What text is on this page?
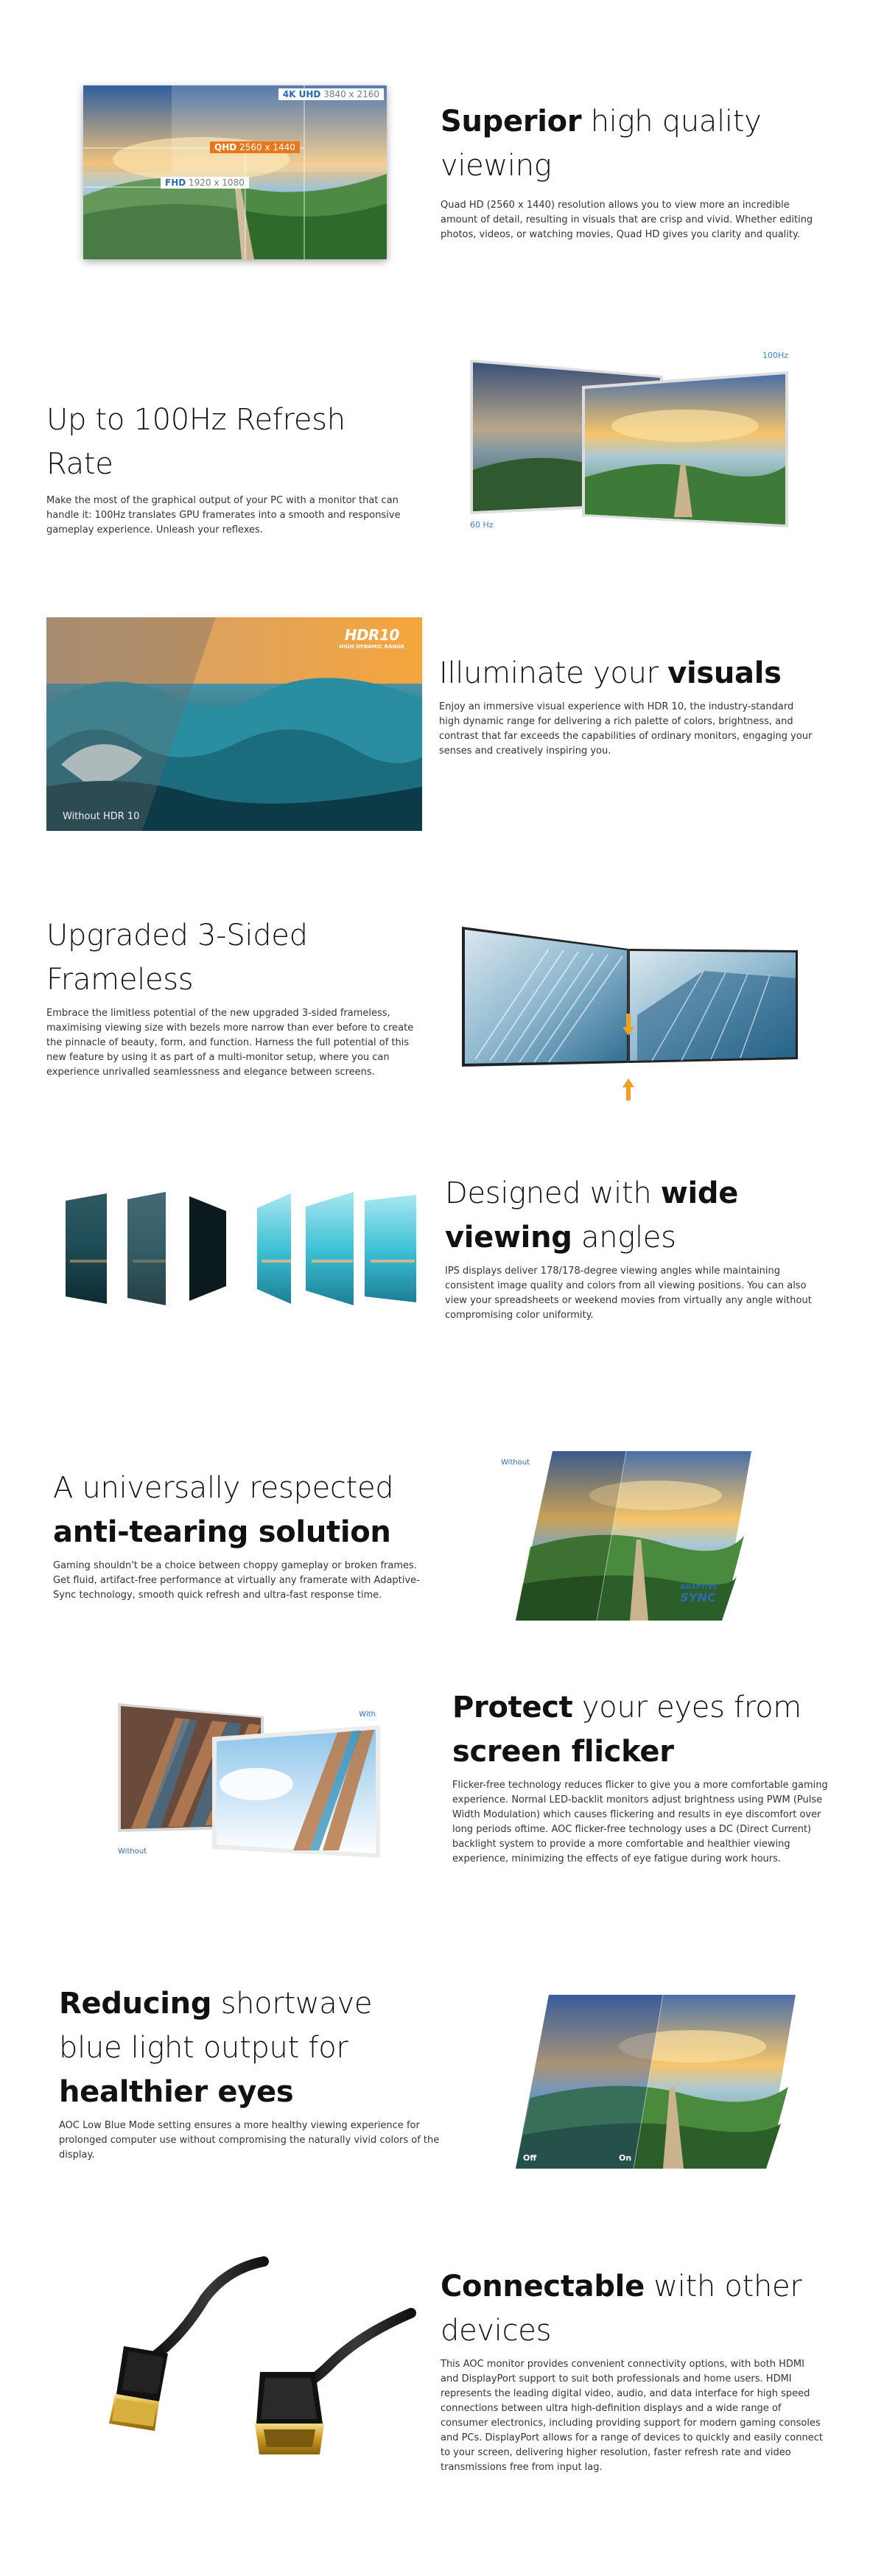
4K UHD 3840 x 2160
QHD 2560 x 1440
FHD 1920 x 1080
Superior high quality viewing

Quad HD (2560 x 1440) resolution allows you to view more an incredible amount of detail, resulting in visuals that are crisp and vivid. Whether editing photos, videos, or watching movies, Quad HD gives you clarity and quality.

Up to 100Hz Refresh Rate

Make the most of the graphical output of your PC with a monitor that can handle it: 100Hz translates GPU framerates into a smooth and responsive gameplay experience. Unleash your reflexes.

100Hz
60 Hz
HDR10
HIGH DYNAMIC RANGE
Without HDR 10
Illuminate your visuals

Enjoy an immersive visual experience with HDR 10, the industry-standard high dynamic range for delivering a rich palette of colors, brightness, and contrast that far exceeds the capabilities of ordinary monitors, engaging your senses and creatively inspiring you.

Upgraded 3-Sided Frameless

Embrace the limitless potential of the new upgraded 3-sided frameless, maximising viewing size with bezels more narrow than ever before to create the pinnacle of beauty, form, and function. Harness the full potential of this new feature by using it as part of a multi-monitor setup, where you can experience unrivalled seamlessness and elegance between screens.

Designed with wide viewing angles

IPS displays deliver 178/178-degree viewing angles while maintaining consistent image quality and colors from all viewing positions. You can also view your spreadsheets or weekend movies from virtually any angle without compromising color uniformity.

A universally respected anti-tearing solution

Gaming shouldn't be a choice between choppy gameplay or broken frames. Get fluid, artifact-free performance at virtually any framerate with Adaptive-Sync technology, smooth quick refresh and ultra-fast response time.

Without
ADAPTIVE
SYNC
With
Without
Protect your eyes from screen flicker

Flicker-free technology reduces flicker to give you a more comfortable gaming experience. Normal LED-backlit monitors adjust brightness using PWM (Pulse Width Modulation) which causes flickering and results in eye discomfort over long periods oftime. AOC flicker-free technology uses a DC (Direct Current) backlight system to provide a more comfortable and healthier viewing experience, minimizing the effects of eye fatigue during work hours.

Reducing shortwave blue light output for healthier eyes

AOC Low Blue Mode setting ensures a more healthy viewing experience for prolonged computer use without compromising the naturally vivid colors of the display.	Off	On
Connectable with other devices

This AOC monitor provides convenient connectivity options, with both HDMI and DisplayPort support to suit both professionals and home users. HDMI represents the leading digital video, audio, and data interface for high speed connections between ultra high-definition displays and a wide range of consumer electronics, including providing support for modern gaming consoles and PCs. DisplayPort allows for a range of devices to quickly and easily connect to your screen, delivering higher resolution, faster refresh rate and video transmissions free from input lag.
